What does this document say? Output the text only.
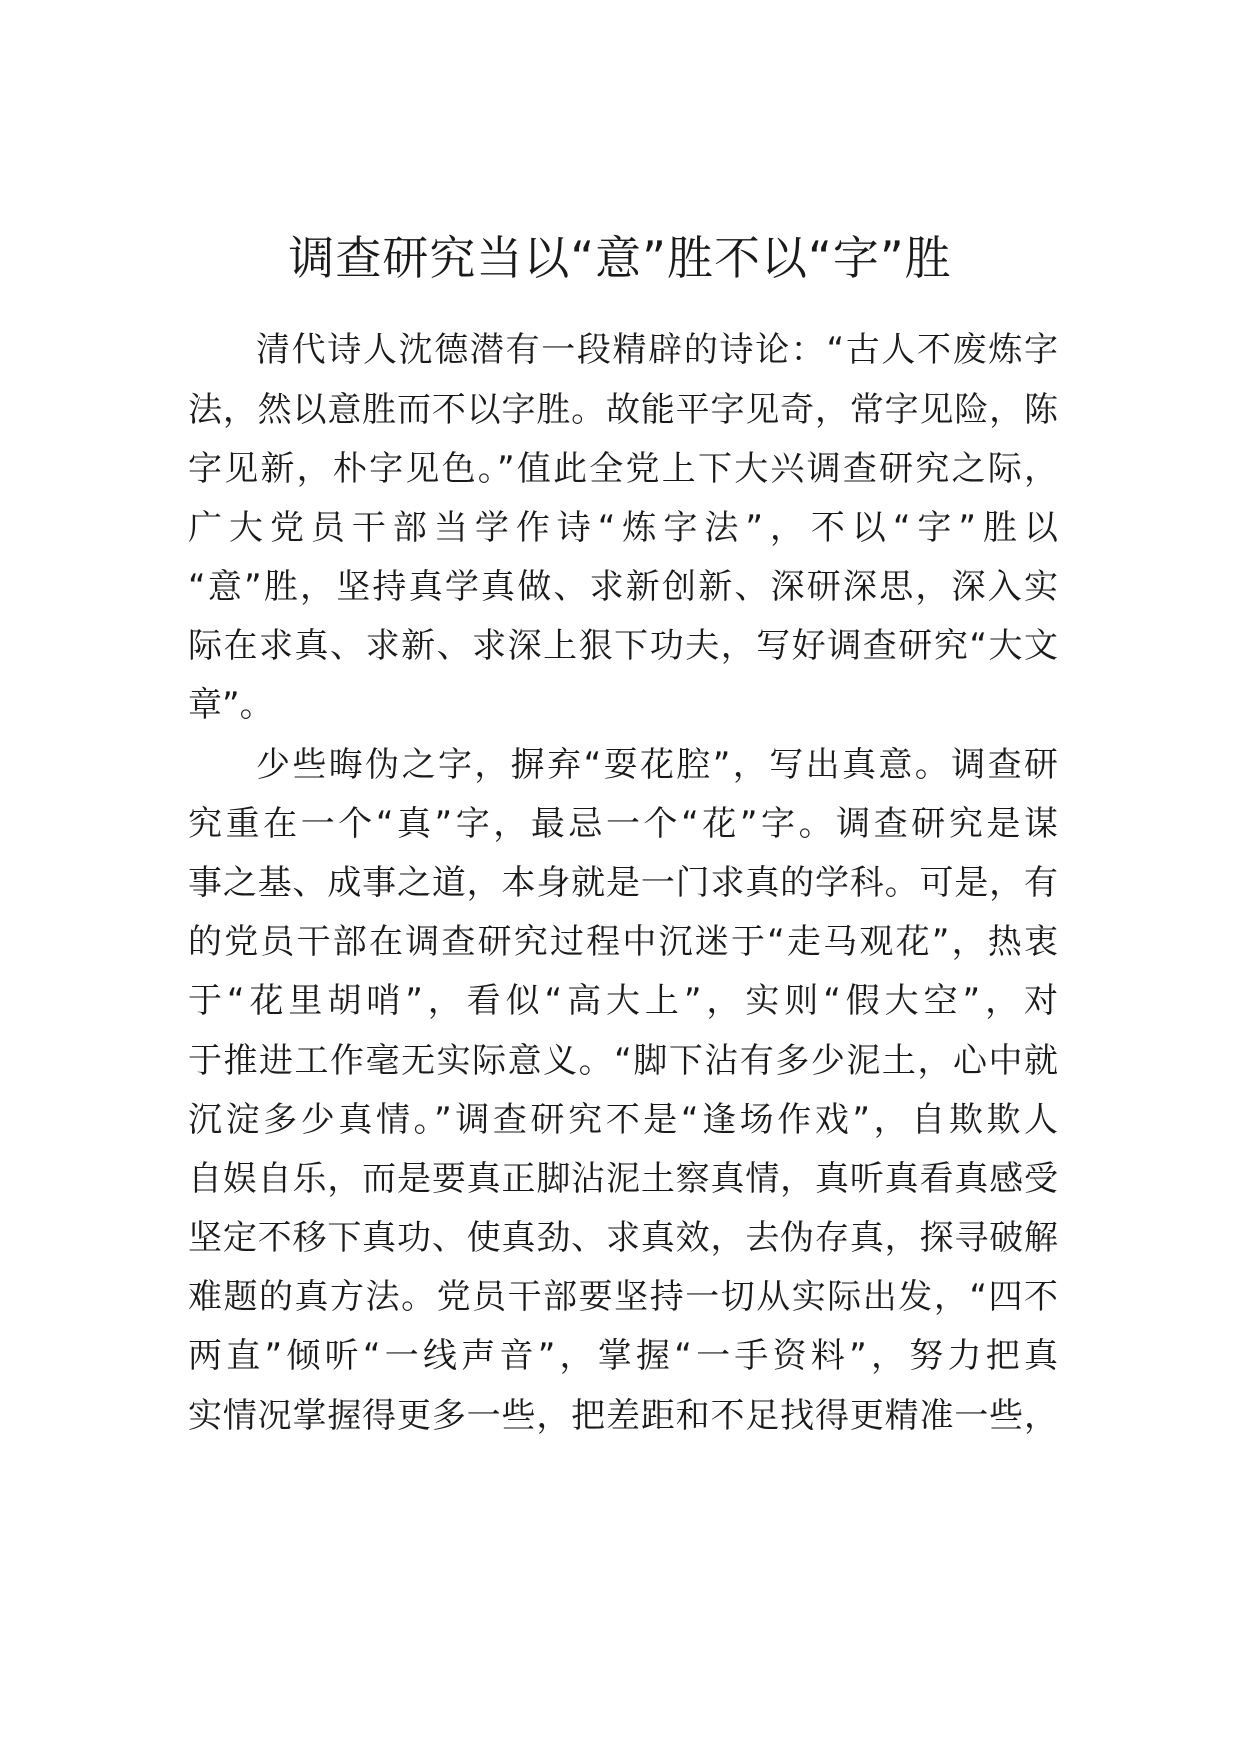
调查研究当以“意”胜不以“字”胜
清代诗人沈德潜有一段精辟的诗论：“古人不废炼字
法，然以意胜而不以字胜。故能平字见奇，常字见险，陈
字见新，朴字见色。”值此全党上下大兴调查研究之际，
广大党员干部当学作诗“炼字法”，不以“字”胜以
“意”胜，坚持真学真做、求新创新、深研深思，深入实
际在求真、求新、求深上狠下功夫，写好调查研究“大文
章”。
少些晦伪之字，摒弃“耍花腔”，写出真意。调查研
究重在一个“真”字，最忌一个“花”字。调查研究是谋
事之基、成事之道，本身就是一门求真的学科。可是，有
的党员干部在调查研究过程中沉迷于“走马观花”，热衷
于“花里胡哨”，看似“高大上”，实则“假大空”，对
于推进工作毫无实际意义。“脚下沾有多少泥土，心中就
沉淀多少真情。”调查研究不是“逢场作戏”，自欺欺人
自娱自乐，而是要真正脚沾泥土察真情，真听真看真感受
坚定不移下真功、使真劲、求真效，去伪存真，探寻破解
难题的真方法。党员干部要坚持一切从实际出发，“四不
两直”倾听“一线声音”，掌握“一手资料”，努力把真
实情况掌握得更多一些，把差距和不足找得更精准一些，
